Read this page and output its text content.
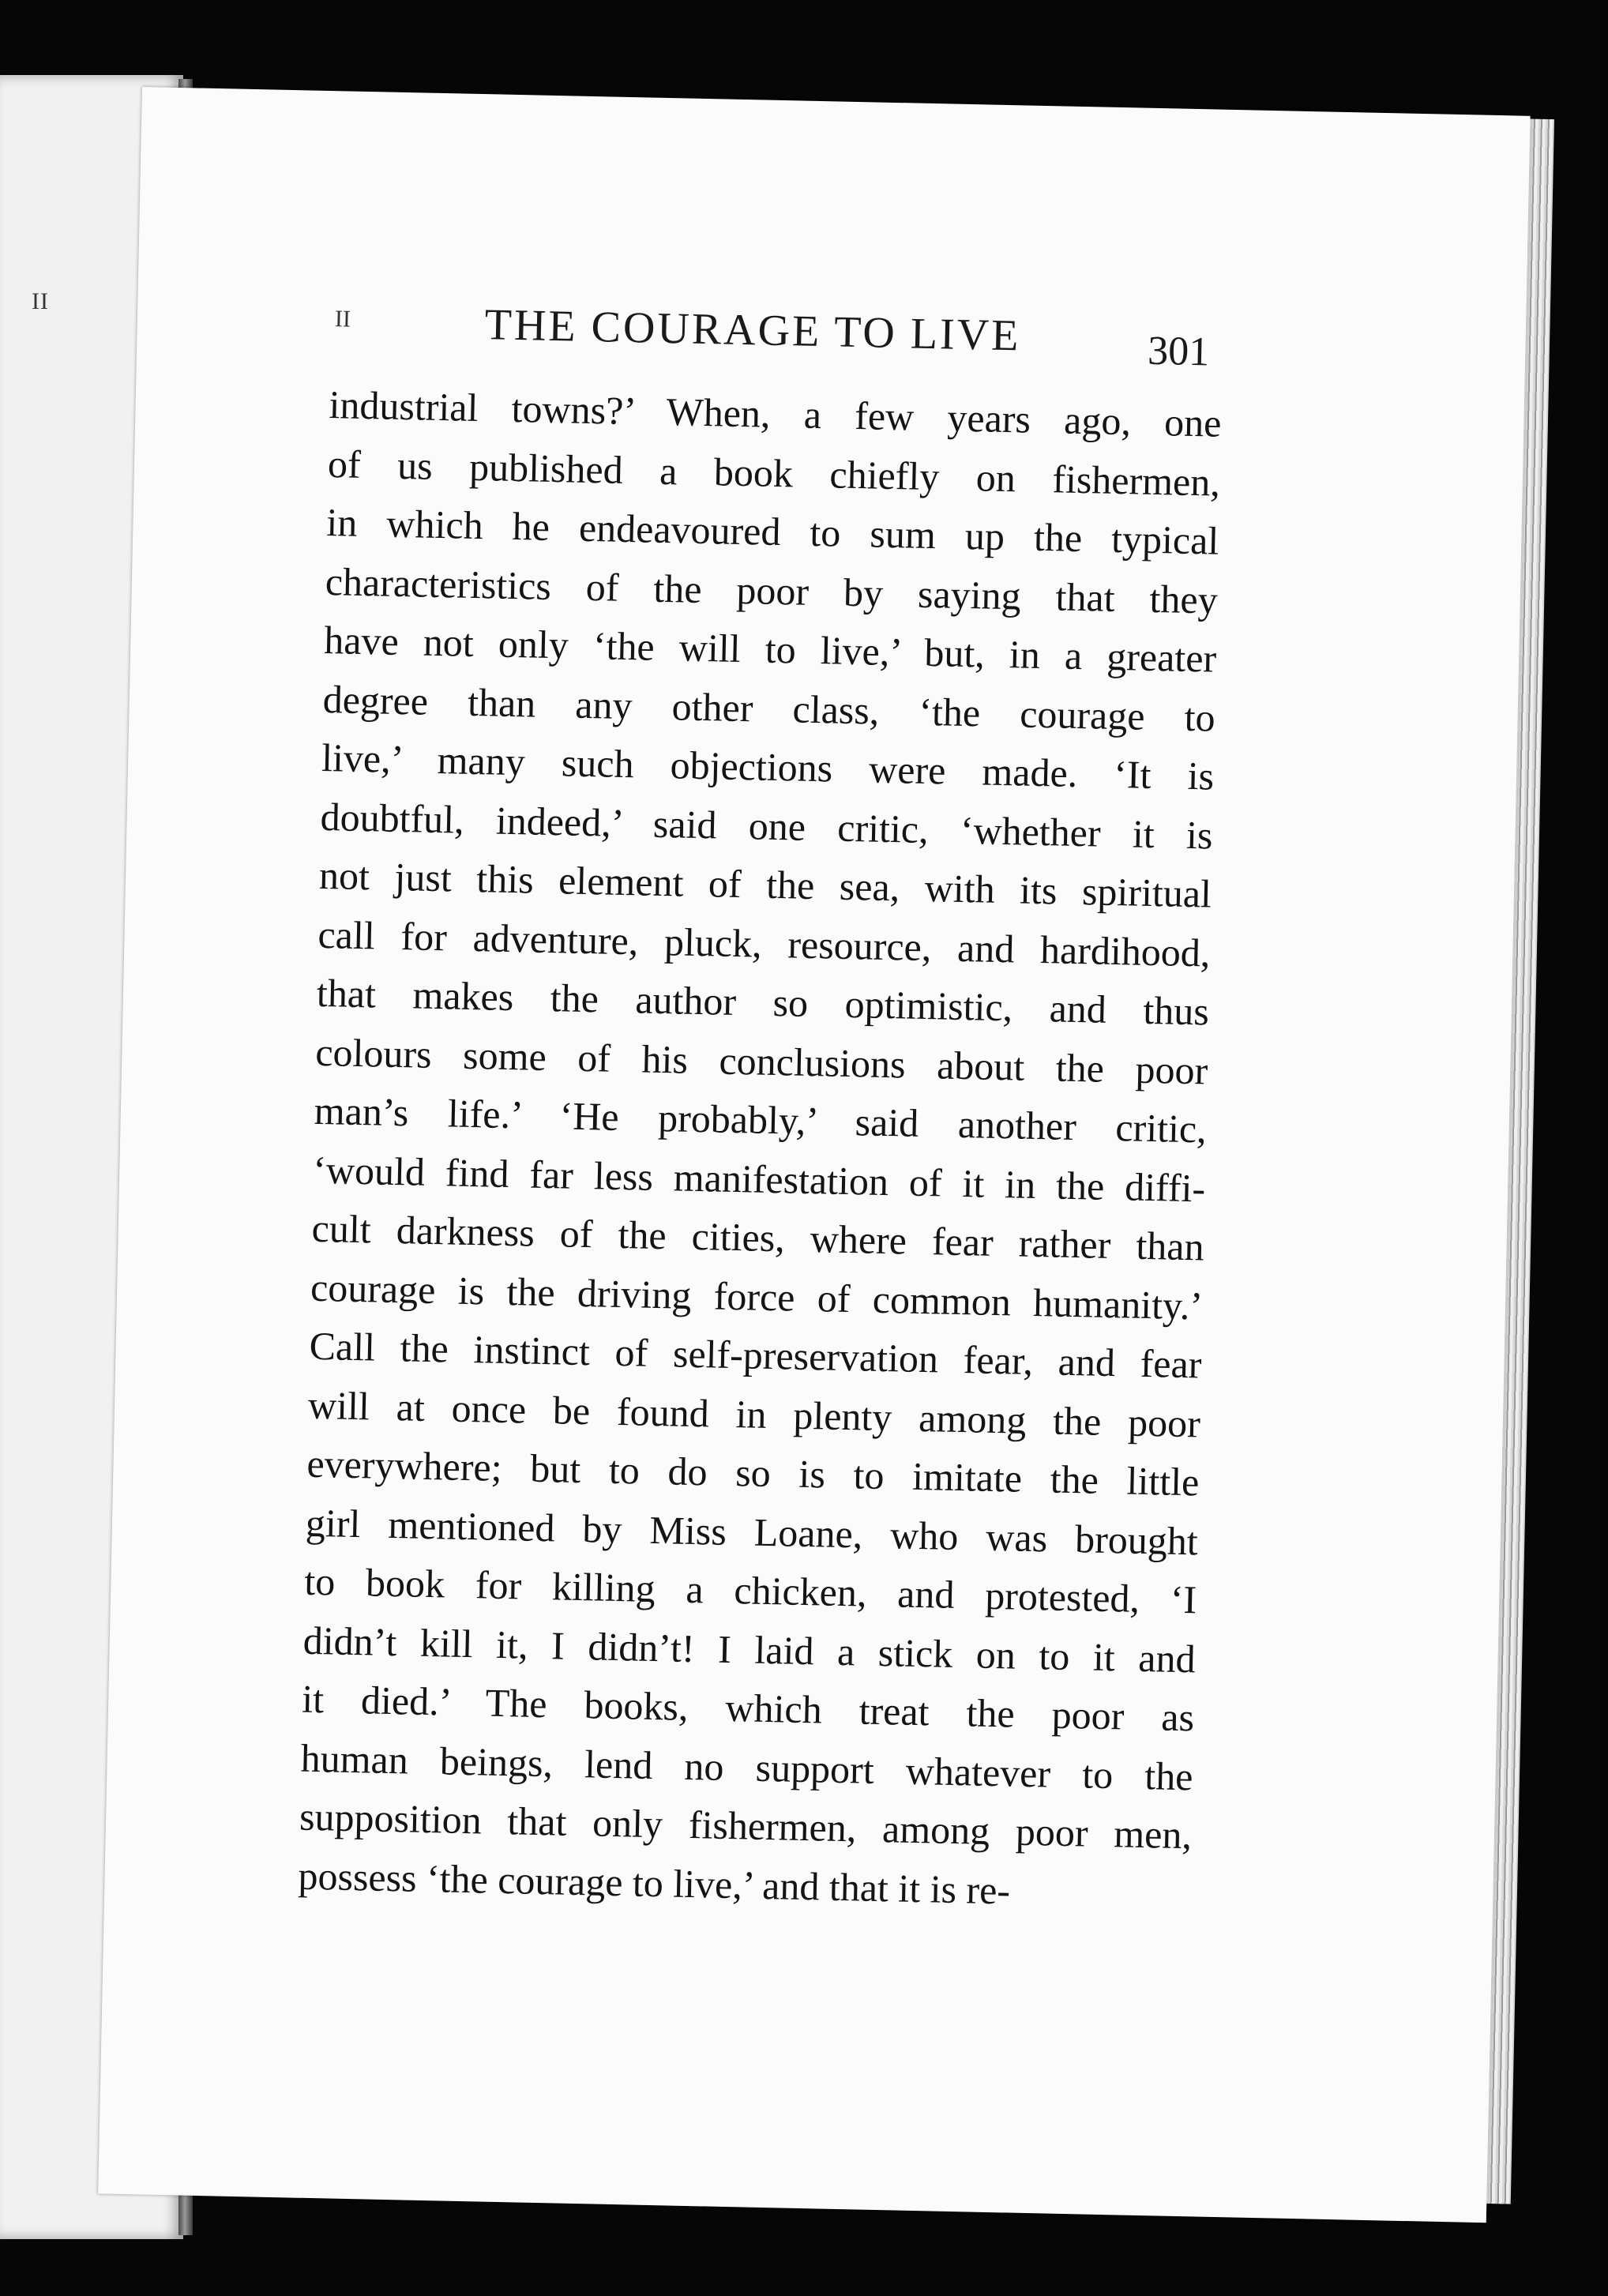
II
II	THE COURAGE TO LIVE	301
industrial towns?’ When, a few years ago, one
of us published a book chiefly on fishermen,
in which he endeavoured to sum up the typical
characteristics of the poor by saying that they
have not only ‘the will to live,’ but, in a greater
degree than any other class, ‘the courage to
live,’ many such objections were made. ‘It is
doubtful, indeed,’ said one critic, ‘whether it is
not just this element of the sea, with its spiritual
call for adventure, pluck, resource, and hardihood,
that makes the author so optimistic, and thus
colours some of his conclusions about the poor
man’s life.’ ‘He probably,’ said another critic,
‘would find far less manifestation of it in the diffi-
cult darkness of the cities, where fear rather than
courage is the driving force of common humanity.’
Call the instinct of self-preservation fear, and fear
will at once be found in plenty among the poor
everywhere; but to do so is to imitate the little
girl mentioned by Miss Loane, who was brought
to book for killing a chicken, and protested, ‘I
didn’t kill it, I didn’t! I laid a stick on to it and
it died.’ The books, which treat the poor as
human beings, lend no support whatever to the
supposition that only fishermen, among poor men,
possess ‘the courage to live,’ and that it is re-
